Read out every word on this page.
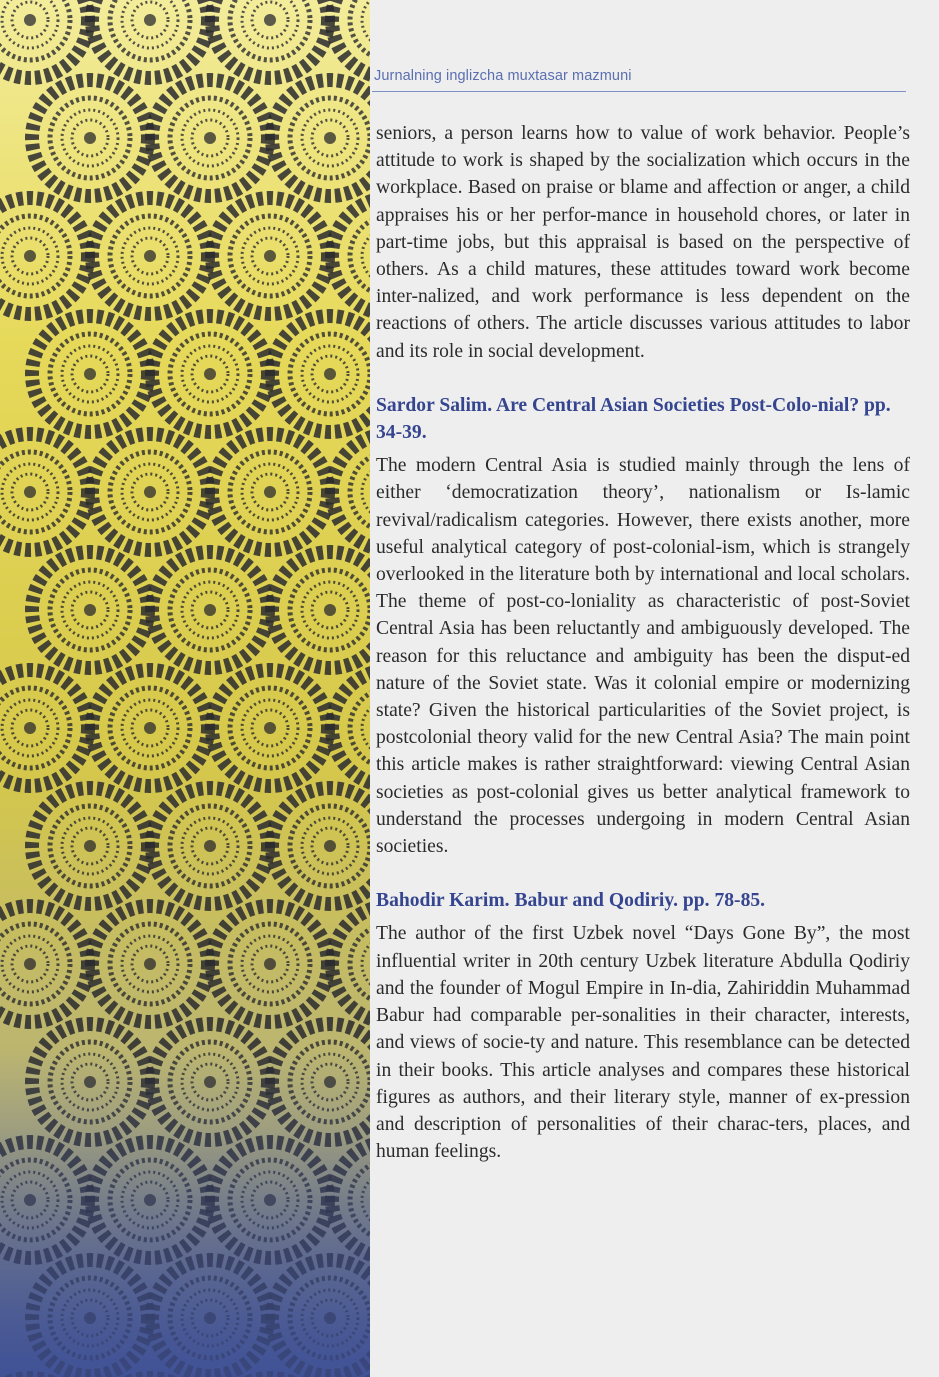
Jurnalning inglizcha muxtasar mazmuni

seniors, a person learns how to value of work behavior. People’s attitude to work is shaped by the socialization which occurs in the workplace. Based on praise or blame and affection or anger, a child appraises his or her perfor-mance in household chores, or later in part-time jobs, but this appraisal is based on the perspective of others. As a child matures, these attitudes toward work become inter-nalized, and work performance is less dependent on the reactions of others. The article discusses various attitudes to labor and its role in social development.

Sardor Salim. Are Central Asian Societies Post-Colo-nial? pp. 34-39.

The modern Central Asia is studied mainly through the lens of either ‘democratization theory’, nationalism or Is-lamic revival/radicalism categories. However, there exists another, more useful analytical category of post-colonial-ism, which is strangely overlooked in the literature both by international and local scholars. The theme of post-co-loniality as characteristic of post-Soviet Central Asia has been reluctantly and ambiguously developed. The reason for this reluctance and ambiguity has been the disput-ed nature of the Soviet state. Was it colonial empire or modernizing state? Given the historical particularities of the Soviet project, is postcolonial theory valid for the new Central Asia? The main point this article makes is rather straightforward: viewing Central Asian societies as post-colonial gives us better analytical framework to understand the processes undergoing in modern Central Asian societies.

Bahodir Karim. Babur and Qodiriy. pp. 78-85.

The author of the first Uzbek novel “Days Gone By”, the most influential writer in 20th century Uzbek literature Abdulla Qodiriy and the founder of Mogul Empire in In-dia, Zahiriddin Muhammad Babur had comparable per-sonalities in their character, interests, and views of socie-ty and nature. This resemblance can be detected in their books. This article analyses and compares these historical figures as authors, and their literary style, manner of ex-pression and description of personalities of their charac-ters, places, and human feelings.
